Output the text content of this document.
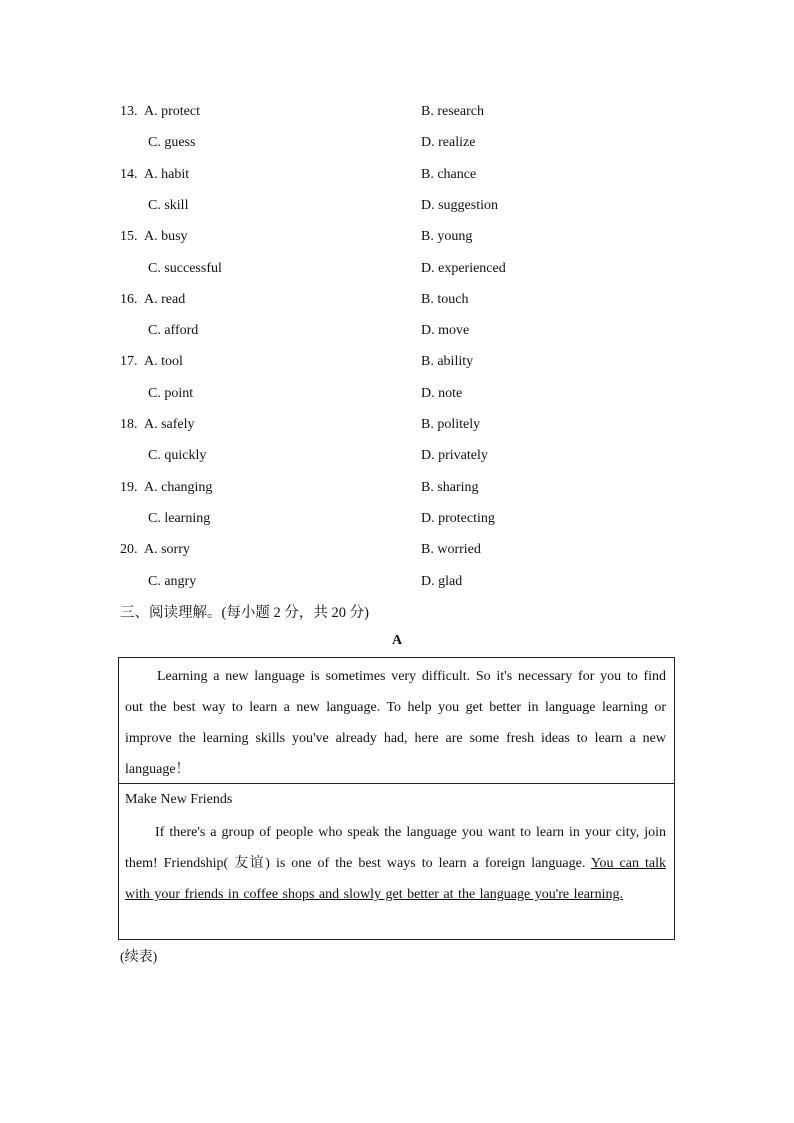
13. A. protect	B. research
C. guess	D. realize
14. A. habit	B. chance
C. skill	D. suggestion
15. A. busy	B. young
C. successful	D. experienced
16. A. read	B. touch
C. afford	D. move
17. A. tool	B. ability
C. point	D. note
18. A. safely	B. politely
C. quickly	D. privately
19. A. changing	B. sharing
C. learning	D. protecting
20. A. sorry	B. worried
C. angry	D. glad
三、阅读理解。(每小题 2 分，共 20 分)
A
Learning a new language is sometimes very difficult. So it's necessary for you to find out the best way to learn a new language. To help you get better in language learning or improve the learning skills you've already had, here are some fresh ideas to learn a new language！
Make New Friends
If there's a group of people who speak the language you want to learn in your city, join them! Friendship( 友谊) is one of the best ways to learn a foreign language. You can talk with your friends in coffee shops and slowly get better at the language you're learning.
(续表)
